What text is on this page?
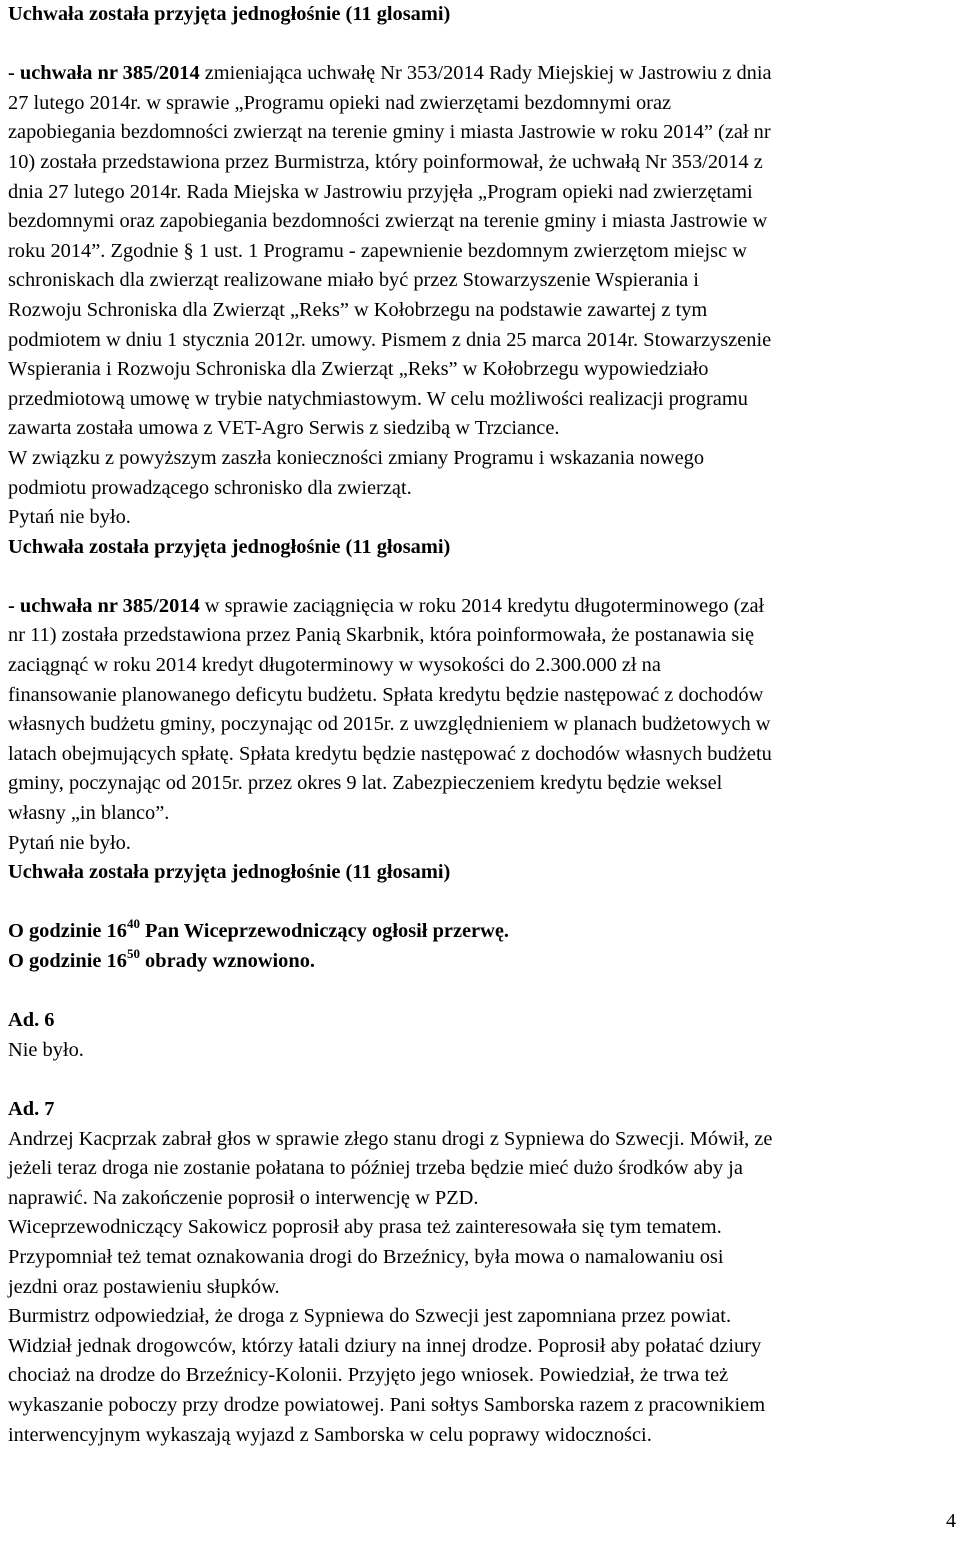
Uchwała została przyjęta jednogłośnie (11 glosami)
- uchwała nr 385/2014 zmieniająca uchwałę Nr 353/2014 Rady Miejskiej w Jastrowiu z dnia
27 lutego 2014r. w sprawie „Programu opieki nad zwierzętami bezdomnymi oraz
zapobiegania bezdomności zwierząt na terenie gminy i miasta Jastrowie w roku 2014” (zał nr
10) została przedstawiona przez Burmistrza, który poinformował, że uchwałą Nr 353/2014 z
dnia 27 lutego 2014r. Rada Miejska w Jastrowiu przyjęła „Program opieki nad zwierzętami
bezdomnymi oraz zapobiegania bezdomności zwierząt na terenie gminy i miasta Jastrowie w
roku 2014”. Zgodnie § 1 ust. 1 Programu - zapewnienie bezdomnym zwierzętom miejsc w
schroniskach dla zwierząt realizowane miało być przez Stowarzyszenie Wspierania i
Rozwoju Schroniska dla Zwierząt „Reks” w Kołobrzegu na podstawie zawartej z tym
podmiotem w dniu 1 stycznia 2012r. umowy. Pismem z dnia 25 marca 2014r. Stowarzyszenie
Wspierania i Rozwoju Schroniska dla Zwierząt „Reks” w Kołobrzegu wypowiedziało
przedmiotową umowę w trybie natychmiastowym. W celu możliwości realizacji programu
zawarta została umowa z VET-Agro Serwis z siedzibą w Trzciance.
W związku z powyższym zaszła konieczności zmiany Programu i wskazania nowego
podmiotu prowadzącego schronisko dla zwierząt.
Pytań nie było.
Uchwała została przyjęta jednogłośnie (11 głosami)
- uchwała nr 385/2014 w sprawie zaciągnięcia w roku 2014 kredytu długoterminowego (zał
nr 11) została przedstawiona przez Panią Skarbnik, która poinformowała, że postanawia się
zaciągnąć w roku 2014 kredyt długoterminowy w wysokości do 2.300.000 zł na
finansowanie planowanego deficytu budżetu. Spłata kredytu będzie następować z dochodów
własnych budżetu gminy, poczynając od 2015r. z uwzględnieniem w planach budżetowych w
latach obejmujących spłatę. Spłata kredytu będzie następować z dochodów własnych budżetu
gminy, poczynając od 2015r. przez okres 9 lat. Zabezpieczeniem kredytu będzie weksel
własny „in blanco”.
Pytań nie było.
Uchwała została przyjęta jednogłośnie (11 głosami)
O godzinie $16^{40}$ Pan Wiceprzewodniczący ogłosił przerwę.
O godzinie $16^{50}$ obrady wznowiono.
Ad. 6
Nie było.
Ad. 7
Andrzej Kacprzak zabrał głos w sprawie złego stanu drogi z Sypniewa do Szwecji. Mówił, ze
jeżeli teraz droga nie zostanie połatana to później trzeba będzie mieć dużo środków aby ja
naprawić. Na zakończenie poprosił o interwencję w PZD.
Wiceprzewodniczący Sakowicz poprosił aby prasa też zainteresowała się tym tematem.
Przypomniał też temat oznakowania drogi do Brzeźnicy, była mowa o namalowaniu osi
jezdni oraz postawieniu słupków.
Burmistrz odpowiedział, że droga z Sypniewa do Szwecji jest zapomniana przez powiat.
Widział jednak drogowców, którzy łatali dziury na innej drodze. Poprosił aby połatać dziury
chociaż na drodze do Brzeźnicy-Kolonii. Przyjęto jego wniosek. Powiedział, że trwa też
wykaszanie poboczy przy drodze powiatowej. Pani sołtys Samborska razem z pracownikiem
interwencyjnym wykaszają wyjazd z Samborska w celu poprawy widoczności.
4
